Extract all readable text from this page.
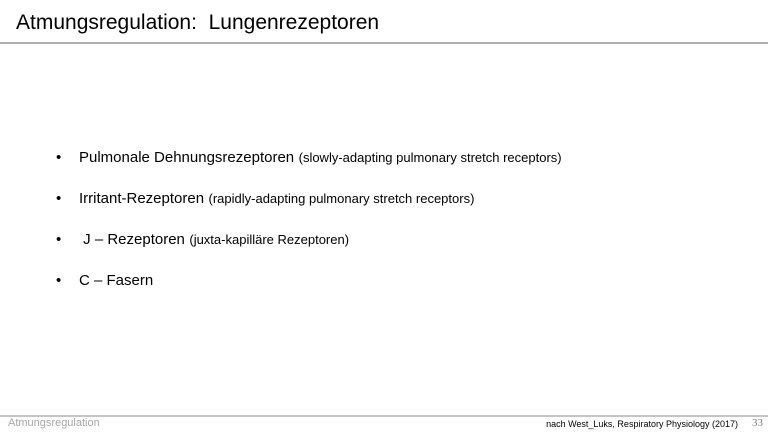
Atmungsregulation:  Lungenrezeptoren
• Pulmonale Dehnungsrezeptoren (slowly-adapting pulmonary stretch receptors)
• Irritant-Rezeptoren (rapidly-adapting pulmonary stretch receptors)
• J – Rezeptoren (juxta-kapilläre Rezeptoren)
• C – Fasern
Atmungsregulation	nach West_Luks, Respiratory Physiology (2017) 33
